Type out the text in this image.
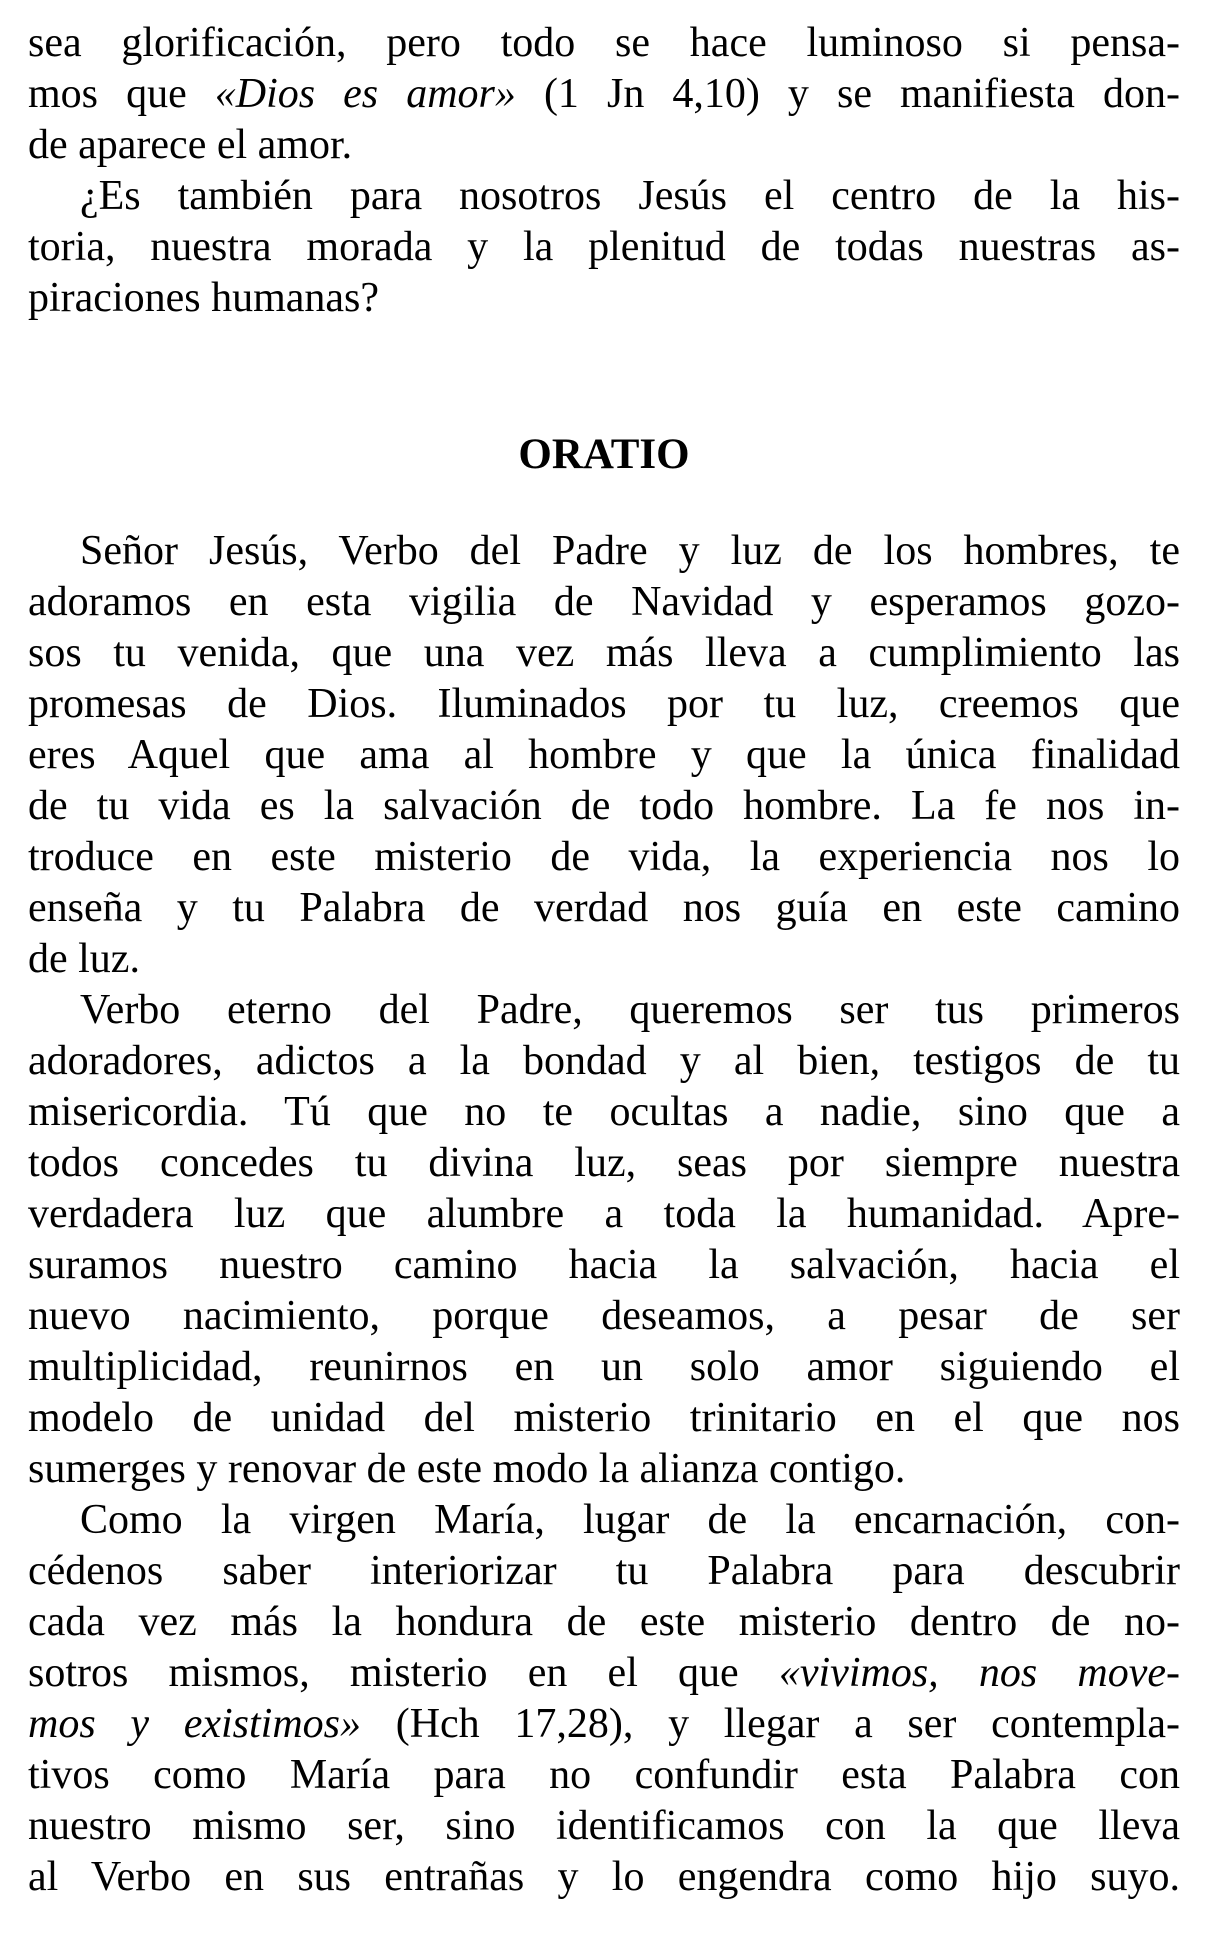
sea glorificación, pero todo se hace luminoso si pensa-
mos que «Dios es amor» (1 Jn 4,10) y se manifiesta don-
de aparece el amor.
¿Es también para nosotros Jesús el centro de la his-
toria, nuestra morada y la plenitud de todas nuestras as-
piraciones humanas?
ORATIO
Señor Jesús, Verbo del Padre y luz de los hombres, te
adoramos en esta vigilia de Navidad y esperamos gozo-
sos tu venida, que una vez más lleva a cumplimiento las
promesas de Dios. Iluminados por tu luz, creemos que
eres Aquel que ama al hombre y que la única finalidad
de tu vida es la salvación de todo hombre. La fe nos in-
troduce en este misterio de vida, la experiencia nos lo
enseña y tu Palabra de verdad nos guía en este camino
de luz.
Verbo eterno del Padre, queremos ser tus primeros
adoradores, adictos a la bondad y al bien, testigos de tu
misericordia. Tú que no te ocultas a nadie, sino que a
todos concedes tu divina luz, seas por siempre nuestra
verdadera luz que alumbre a toda la humanidad. Apre-
suramos nuestro camino hacia la salvación, hacia el
nuevo nacimiento, porque deseamos, a pesar de ser
multiplicidad, reunirnos en un solo amor siguiendo el
modelo de unidad del misterio trinitario en el que nos
sumerges y renovar de este modo la alianza contigo.
Como la virgen María, lugar de la encarnación, con-
cédenos saber interiorizar tu Palabra para descubrir
cada vez más la hondura de este misterio dentro de no-
sotros mismos, misterio en el que «vivimos, nos move-
mos y existimos» (Hch 17,28), y llegar a ser contempla-
tivos como María para no confundir esta Palabra con
nuestro mismo ser, sino identificamos con la que lleva
al Verbo en sus entrañas y lo engendra como hijo suyo.
